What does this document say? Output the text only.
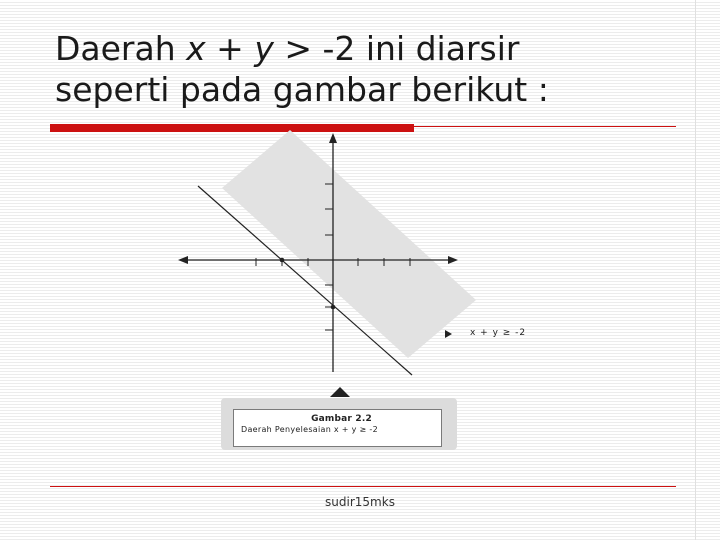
Daerah x + y > -2 ini diarsir
seperti pada gambar berikut :
x + y ≥ -2
Gambar 2.2
Daerah Penyelesaian x + y ≥ -2
sudir15mks
